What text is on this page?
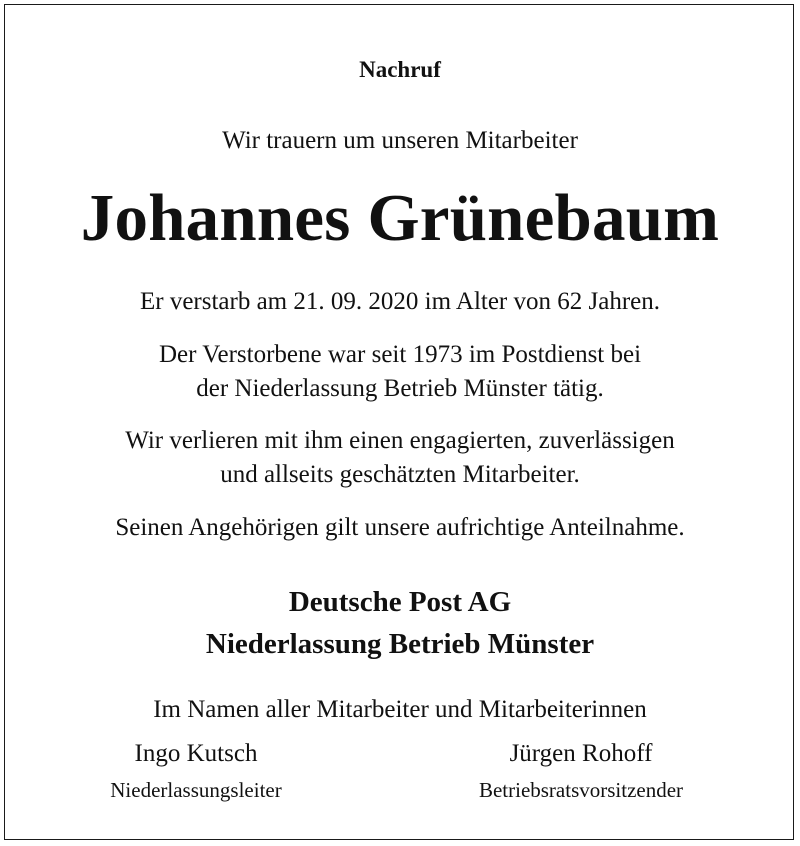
Nachruf
Wir trauern um unseren Mitarbeiter
Johannes Grünebaum
Er verstarb am 21. 09. 2020 im Alter von 62 Jahren.
Der Verstorbene war seit 1973 im Postdienst bei
der Niederlassung Betrieb Münster tätig.
Wir verlieren mit ihm einen engagierten, zuverlässigen
und allseits geschätzten Mitarbeiter.
Seinen Angehörigen gilt unsere aufrichtige Anteilnahme.
Deutsche Post AG
Niederlassung Betrieb Münster
Im Namen aller Mitarbeiter und Mitarbeiterinnen
Ingo Kutsch
Niederlassungsleiter
Jürgen Rohoff
Betriebsratsvorsitzender
